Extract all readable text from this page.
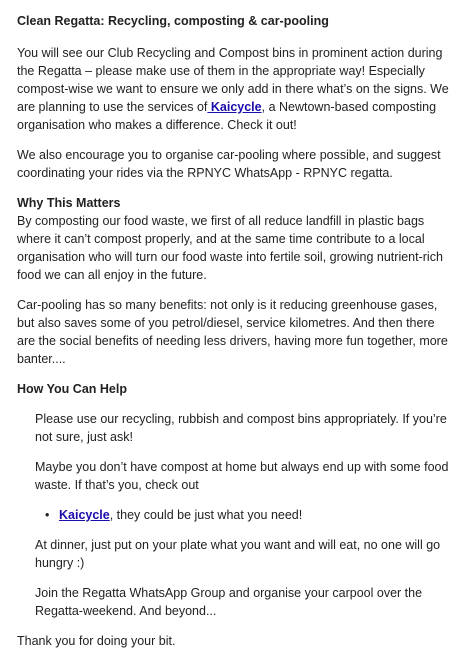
Clean Regatta: Recycling, composting & car-pooling

You will see our Club Recycling and Compost bins in prominent action during the Regatta – please make use of them in the appropriate way! Especially compost-wise we want to ensure we only add in there what’s on the signs. We are planning to use the services of Kaicycle, a Newtown-based composting organisation who makes a difference. Check it out!

We also encourage you to organise car-pooling where possible, and suggest coordinating your rides via the RPNYC WhatsApp - RPNYC regatta.

Why This Matters

By composting our food waste, we first of all reduce landfill in plastic bags where it can’t compost properly, and at the same time contribute to a local organisation who will turn our food waste into fertile soil, growing nutrient-rich food we can all enjoy in the future.

Car-pooling has so many benefits: not only is it reducing greenhouse gases, but also saves some of you petrol/diesel, service kilometres. And then there are the social benefits of needing less drivers, having more fun together, more banter....

How You Can Help

Please use our recycling, rubbish and compost bins appropriately. If you’re not sure, just ask!

Maybe you don’t have compost at home but always end up with some food waste. If that’s you, check out

• Kaicycle, they could be just what you need!

At dinner, just put on your plate what you want and will eat, no one will go hungry :)

Join the Regatta WhatsApp Group and organise your carpool over the Regatta-weekend. And beyond...

Thank you for doing your bit.
